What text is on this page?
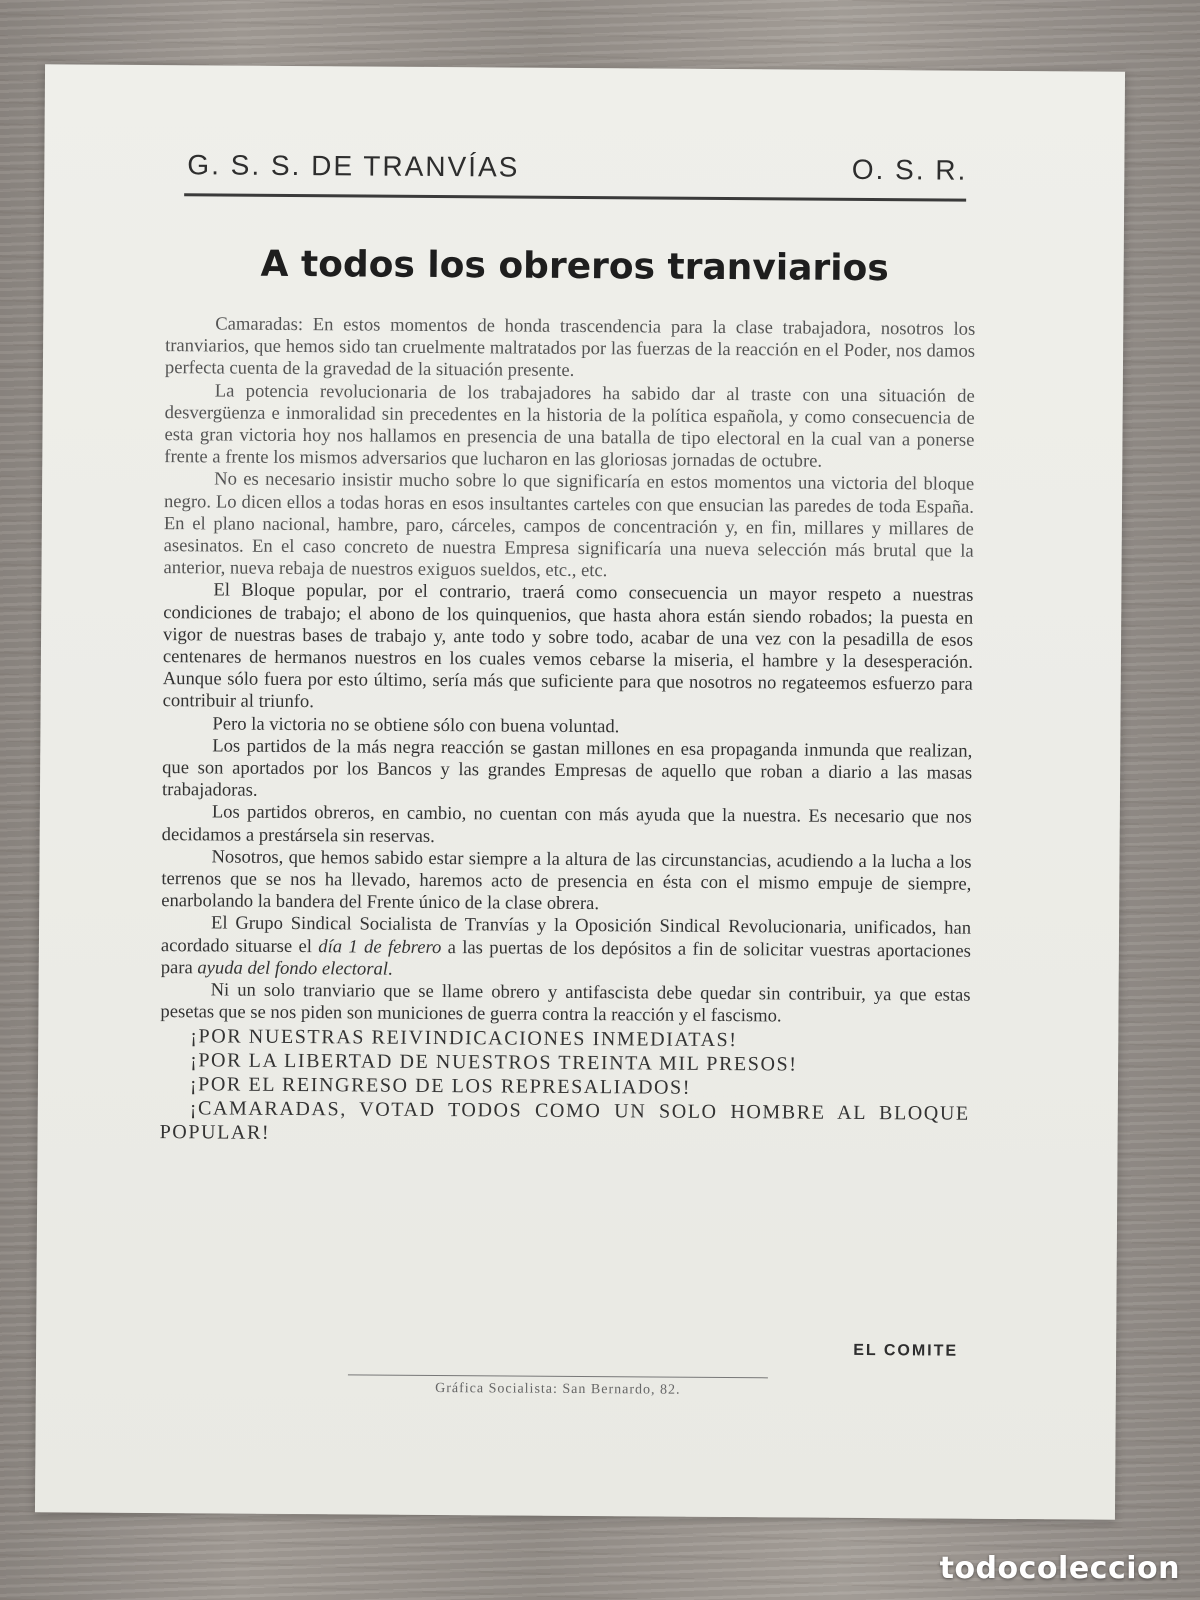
G. S. S. DE TRANVÍAS	O. S. R.
A todos los obreros tranviarios

Camaradas: En estos momentos de honda trascendencia para la clase trabajadora, nosotros los tranviarios, que hemos sido tan cruelmente maltratados por las fuerzas de la reacción en el Poder, nos damos perfecta cuenta de la gravedad de la situación presente.

La potencia revolucionaria de los trabajadores ha sabido dar al traste con una situación de desvergüenza e inmoralidad sin precedentes en la historia de la política española, y como consecuencia de esta gran victoria hoy nos hallamos en presencia de una batalla de tipo electoral en la cual van a ponerse frente a frente los mismos adversarios que lucharon en las gloriosas jornadas de octubre.

No es necesario insistir mucho sobre lo que significaría en estos momentos una victoria del bloque negro. Lo dicen ellos a todas horas en esos insultantes carteles con que ensucian las paredes de toda España. En el plano nacional, hambre, paro, cárceles, campos de concentración y, en fin, millares y millares de asesinatos. En el caso concreto de nuestra Empresa significaría una nueva selección más brutal que la anterior, nueva rebaja de nuestros exiguos sueldos, etc., etc.

El Bloque popular, por el contrario, traerá como consecuencia un mayor respeto a nuestras condiciones de trabajo; el abono de los quinquenios, que hasta ahora están siendo robados; la puesta en vigor de nuestras bases de trabajo y, ante todo y sobre todo, acabar de una vez con la pesadilla de esos centenares de hermanos nuestros en los cuales vemos cebarse la miseria, el hambre y la desesperación. Aunque sólo fuera por esto último, sería más que suficiente para que nosotros no regateemos esfuerzo para contribuir al triunfo.

Pero la victoria no se obtiene sólo con buena voluntad.

Los partidos de la más negra reacción se gastan millones en esa propaganda inmunda que realizan, que son aportados por los Bancos y las grandes Empresas de aquello que roban a diario a las masas trabajadoras.

Los partidos obreros, en cambio, no cuentan con más ayuda que la nuestra. Es necesario que nos decidamos a prestársela sin reservas.

Nosotros, que hemos sabido estar siempre a la altura de las circunstancias, acudiendo a la lucha a los terrenos que se nos ha llevado, haremos acto de presencia en ésta con el mismo empuje de siempre, enarbolando la bandera del Frente único de la clase obrera.

El Grupo Sindical Socialista de Tranvías y la Oposición Sindical Revolucionaria, unificados, han acordado situarse el día 1 de febrero a las puertas de los depósitos a fin de solicitar vuestras aportaciones para ayuda del fondo electoral.

Ni un solo tranviario que se llame obrero y antifascista debe quedar sin contribuir, ya que estas pesetas que se nos piden son municiones de guerra contra la reacción y el fascismo.

¡POR NUESTRAS REIVINDICACIONES INMEDIATAS!
¡POR LA LIBERTAD DE NUESTROS TREINTA MIL PRESOS!
¡POR EL REINGRESO DE LOS REPRESALIADOS!
¡CAMARADAS, VOTAD TODOS COMO UN SOLO HOMBRE AL BLOQUE POPULAR!
EL COMITE
Gráfica Socialista: San Bernardo, 82.
todocoleccion
